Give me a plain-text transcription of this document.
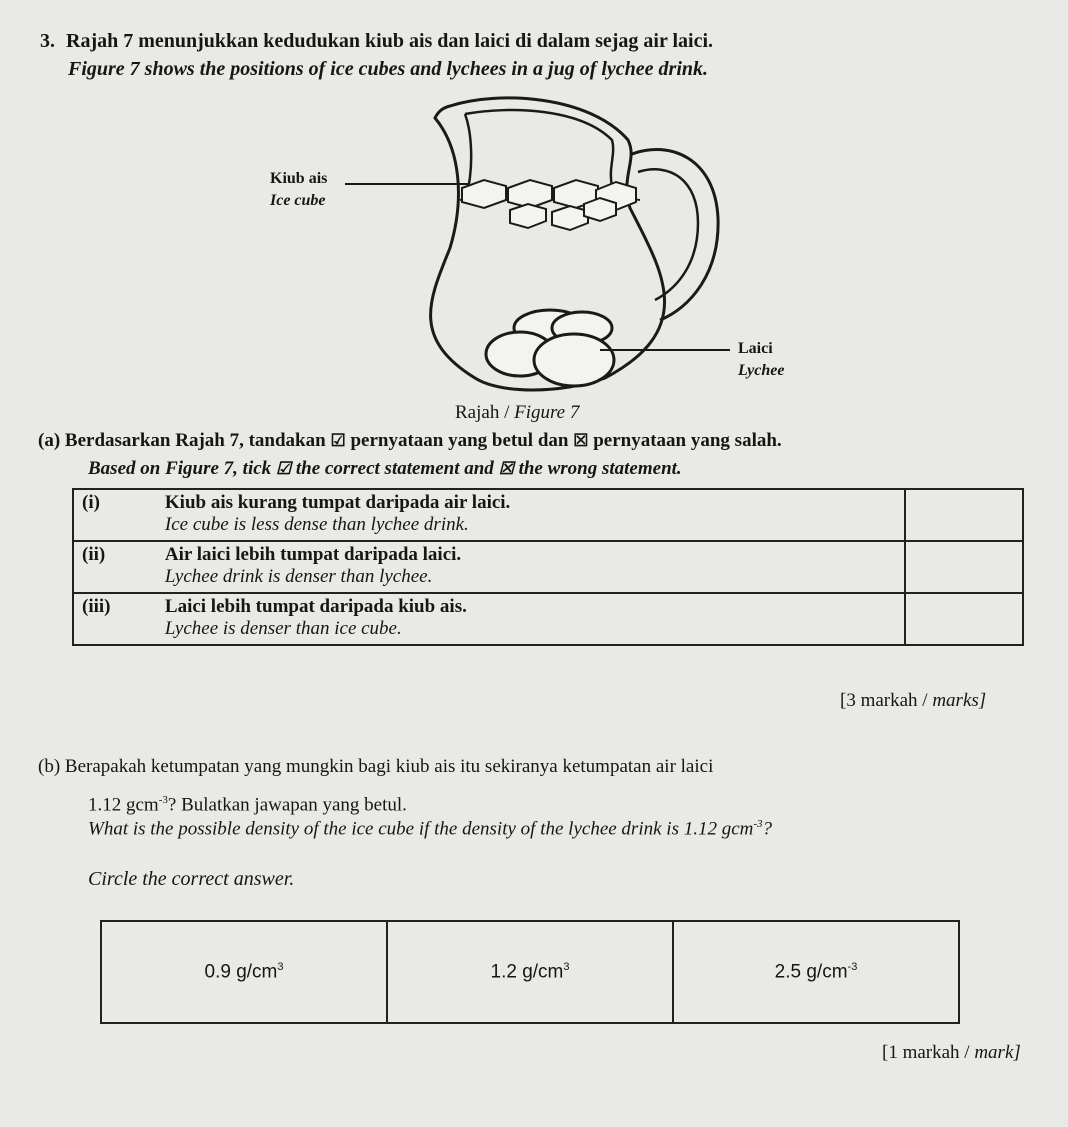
3. Rajah 7 menunjukkan kedudukan kiub ais dan laici di dalam sejag air laici.
Figure 7 shows the positions of ice cubes and lychees in a jug of lychee drink.
Kiub ais
Ice cube
Laici
Lychee
Rajah / Figure 7
(a) Berdasarkan Rajah 7, tandakan ☑ pernyataan yang betul dan ☒ pernyataan yang salah.
Based on Figure 7, tick ☑ the correct statement and ☒ the wrong statement.
(i)	Kiub ais kurang tumpat daripada air laici.
Ice cube is less dense than lychee drink.	

(ii)	Air laici lebih tumpat daripada laici.
Lychee drink is denser than lychee.	

(iii)	Laici lebih tumpat daripada kiub ais.
Lychee is denser than ice cube.	

[3 markah / marks]
(b) Berapakah ketumpatan yang mungkin bagi kiub ais itu sekiranya ketumpatan air laici
1.12 gcm$^{-3}$? Bulatkan jawapan yang betul.
What is the possible density of the ice cube if the density of the lychee drink is 1.12 gcm$^{-3}$?
Circle the correct answer.
0.9 $g/cm^3$	1.2 $g/cm^3$	2.5 $g/cm^{-3}$
[1 markah / mark]
